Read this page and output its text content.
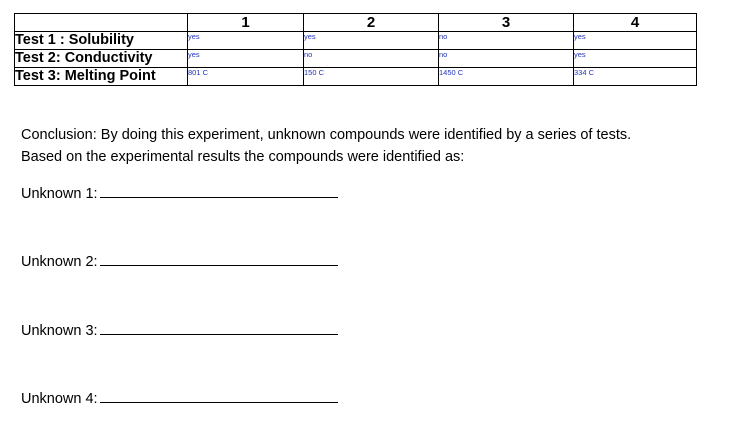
	1	2	3	4
Test 1 : Solubility	yes	yes	no	yes
Test 2: Conductivity	yes	no	no	yes
Test 3: Melting Point	801 C	150 C	1450 C	334 C
Conclusion: By doing this experiment, unknown compounds were identified by a series of tests.
Based on the experimental results the compounds were identified as:
Unknown 1:
Unknown 2:
Unknown 3:
Unknown 4:
